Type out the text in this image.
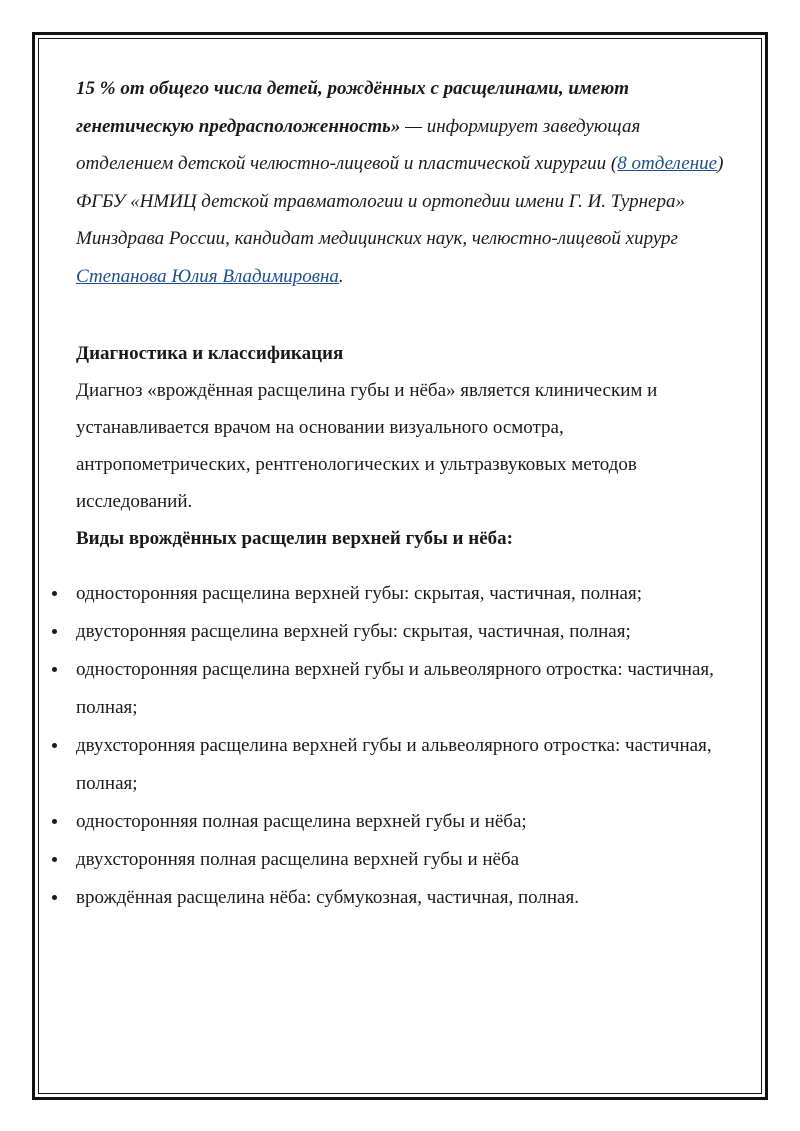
15 % от общего числа детей, рождённых с расщелинами, имеют генетическую предрасположенность» — информирует заведующая отделением детской челюстно-лицевой и пластической хирургии (8 отделение) ФГБУ «НМИЦ детской травматологии и ортопедии имени Г. И. Турнера» Минздрава России, кандидат медицинских наук, челюстно-лицевой хирург Степанова Юлия Владимировна.

Диагностика и классификация

Диагноз «врождённая расщелина губы и нёба» является клиническим и устанавливается врачом на основании визуального осмотра, антропометрических, рентгенологических и ультразвуковых методов исследований.

Виды врождённых расщелин верхней губы и нёба:

односторонняя расщелина верхней губы: скрытая, частичная, полная;
двусторонняя расщелина верхней губы: скрытая, частичная, полная;
односторонняя расщелина верхней губы и альвеолярного отростка: частичная, полная;
двухсторонняя расщелина верхней губы и альвеолярного отростка: частичная, полная;
односторонняя полная расщелина верхней губы и нёба;
двухсторонняя полная расщелина верхней губы и нёба
врождённая расщелина нёба: субмукозная, частичная, полная.
